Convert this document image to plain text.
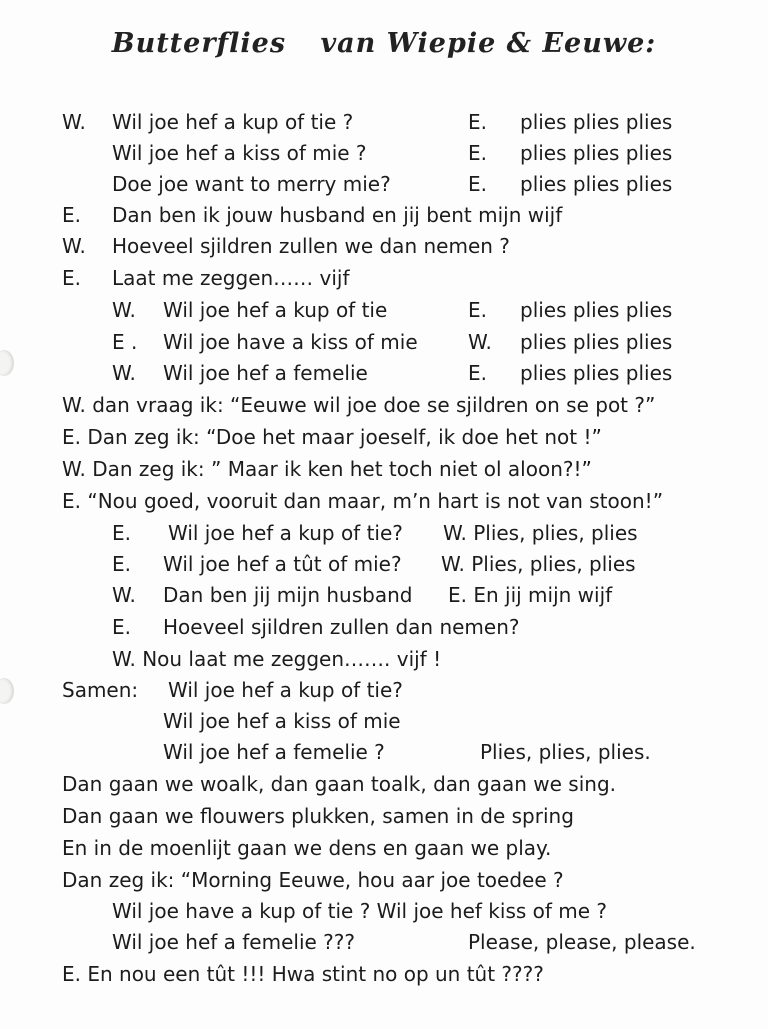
Butterflies van Wiepie & Eeuwe:
W. Wil joe hef a kup of tie ?	E. plies plies plies
Wil joe hef a kiss of mie ?	E. plies plies plies
Doe joe want to merry mie?	E. plies plies plies
E. Dan ben ik jouw husband en jij bent mijn wijf
W. Hoeveel sjildren zullen we dan nemen ?
E. Laat me zeggen…… vijf
W. Wil joe hef a kup of tie	E. plies plies plies
E . Wil joe have a kiss of mie	W. plies plies plies
W. Wil joe hef a femelie	E. plies plies plies
W. dan vraag ik: “Eeuwe wil joe doe se sjildren on se pot ?”
E. Dan zeg ik: “Doe het maar joeself, ik doe het not !”
W. Dan zeg ik: ” Maar ik ken het toch niet ol aloon?!”
E. “Nou goed, vooruit dan maar, m’n hart is not van stoon!”
E. Wil joe hef a kup of tie? W. Plies, plies, plies
E. Wil joe hef a tût of mie? W. Plies, plies, plies
W. Dan ben jij mijn husband E. En jij mijn wijf
E. Hoeveel sjildren zullen dan nemen?
W. Nou laat me zeggen……. vijf !
Samen: Wil joe hef a kup of tie?
Wil joe hef a kiss of mie
Wil joe hef a femelie ?	Plies, plies, plies.
Dan gaan we woalk, dan gaan toalk, dan gaan we sing.
Dan gaan we flouwers plukken, samen in de spring
En in de moenlijt gaan we dens en gaan we play.
Dan zeg ik: “Morning Eeuwe, hou aar joe toedee ?
Wil joe have a kup of tie ? Wil joe hef kiss of me ?
Wil joe hef a femelie ???	Please, please, please.
E. En nou een tût !!! Hwa stint no op un tût ????
